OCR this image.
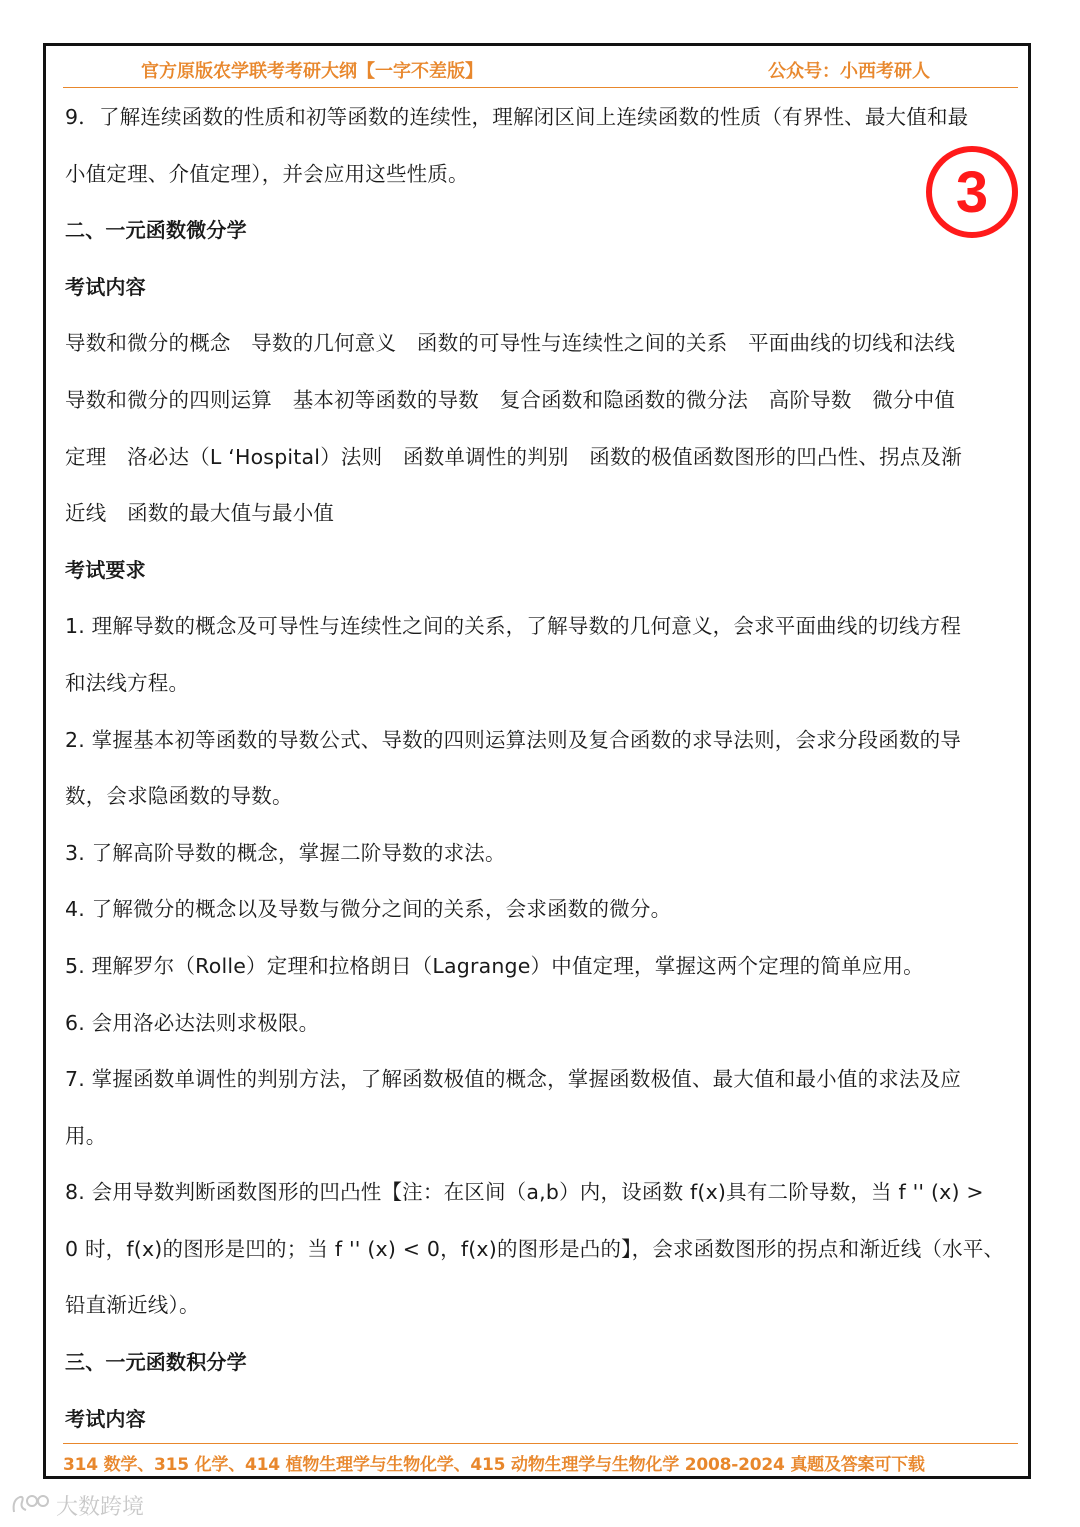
官方原版农学联考考研大纲【一字不差版】	公众号：小西考研人
3

9．了解连续函数的性质和初等函数的连续性，理解闭区间上连续函数的性质（有界性、最大值和最

小值定理、介值定理），并会应用这些性质。

二、一元函数微分学

考试内容

导数和微分的概念　导数的几何意义　函数的可导性与连续性之间的关系　平面曲线的切线和法线

导数和微分的四则运算　基本初等函数的导数　复合函数和隐函数的微分法　高阶导数　微分中值

定理　洛必达（L ‘Hospital）法则　函数单调性的判别　函数的极值函数图形的凹凸性、拐点及渐

近线　函数的最大值与最小值

考试要求

1. 理解导数的概念及可导性与连续性之间的关系，了解导数的几何意义，会求平面曲线的切线方程

和法线方程。

2. 掌握基本初等函数的导数公式、导数的四则运算法则及复合函数的求导法则，会求分段函数的导

数，会求隐函数的导数。

3. 了解高阶导数的概念，掌握二阶导数的求法。

4. 了解微分的概念以及导数与微分之间的关系，会求函数的微分。

5. 理解罗尔（Rolle）定理和拉格朗日（Lagrange）中值定理，掌握这两个定理的简单应用。

6. 会用洛必达法则求极限。

7. 掌握函数单调性的判别方法，了解函数极值的概念，掌握函数极值、最大值和最小值的求法及应

用。

8. 会用导数判断函数图形的凹凸性【注：在区间（a,b）内，设函数 f(x)具有二阶导数，当 f '' (x) >

0 时，f(x)的图形是凹的；当 f '' (x) < 0，f(x)的图形是凸的】，会求函数图形的拐点和渐近线（水平、

铅直渐近线）。

三、一元函数积分学

考试内容

314 数学、315 化学、414 植物生理学与生物化学、415 动物生理学与生物化学 2008-2024 真题及答案可下载
大数跨境
